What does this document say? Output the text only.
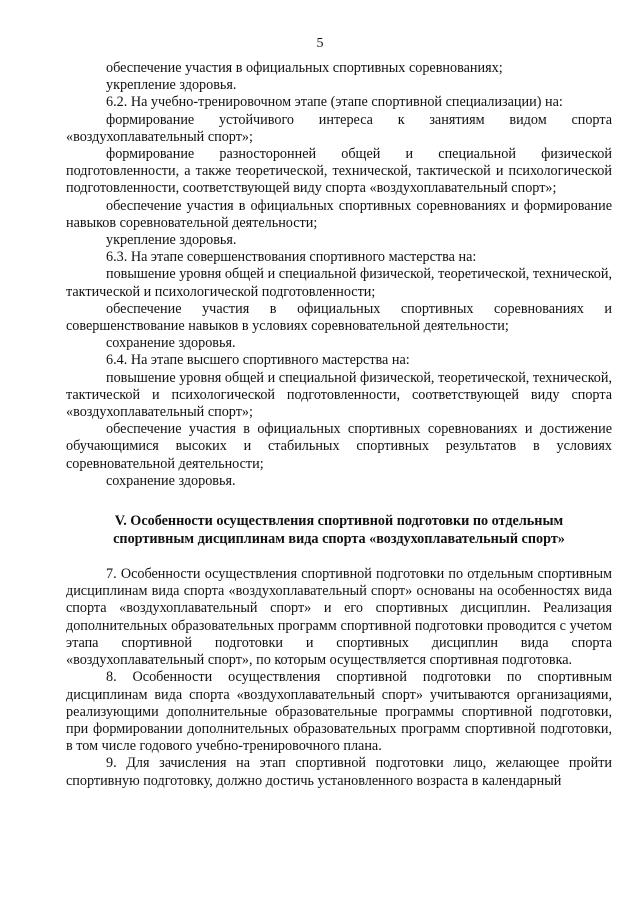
5

обеспечение участия в официальных спортивных соревнованиях;

укрепление здоровья.

6.2. На учебно-тренировочном этапе (этапе спортивной специализации) на:

формирование устойчивого интереса к занятиям видом спорта «воздухоплавательный спорт»;

формирование разносторонней общей и специальной физической подготовленности, а также теоретической, технической, тактической и психологической подготовленности, соответствующей виду спорта «воздухоплавательный спорт»;

обеспечение участия в официальных спортивных соревнованиях и формирование навыков соревновательной деятельности;

укрепление здоровья.

6.3. На этапе совершенствования спортивного мастерства на:

повышение уровня общей и специальной физической, теоретической, технической, тактической и психологической подготовленности;

обеспечение участия в официальных спортивных соревнованиях и совершенствование навыков в условиях соревновательной деятельности;

сохранение здоровья.

6.4. На этапе высшего спортивного мастерства на:

повышение уровня общей и специальной физической, теоретической, технической, тактической и психологической подготовленности, соответствующей виду спорта «воздухоплавательный спорт»;

обеспечение участия в официальных спортивных соревнованиях и достижение обучающимися высоких и стабильных спортивных результатов в условиях соревновательной деятельности;

сохранение здоровья.

V. Особенности осуществления спортивной подготовки по отдельным
спортивным дисциплинам вида спорта «воздухоплавательный спорт»

7. Особенности осуществления спортивной подготовки по отдельным спортивным дисциплинам вида спорта «воздухоплавательный спорт» основаны на особенностях вида спорта «воздухоплавательный спорт» и его спортивных дисциплин. Реализация дополнительных образовательных программ спортивной подготовки проводится с учетом этапа спортивной подготовки и спортивных дисциплин вида спорта «воздухоплавательный спорт», по которым осуществляется спортивная подготовка.

8. Особенности осуществления спортивной подготовки по спортивным дисциплинам вида спорта «воздухоплавательный спорт» учитываются организациями, реализующими дополнительные образовательные программы спортивной подготовки, при формировании дополнительных образовательных программ спортивной подготовки, в том числе годового учебно-тренировочного плана.

9. Для зачисления на этап спортивной подготовки лицо, желающее пройти спортивную подготовку, должно достичь установленного возраста в календарный
